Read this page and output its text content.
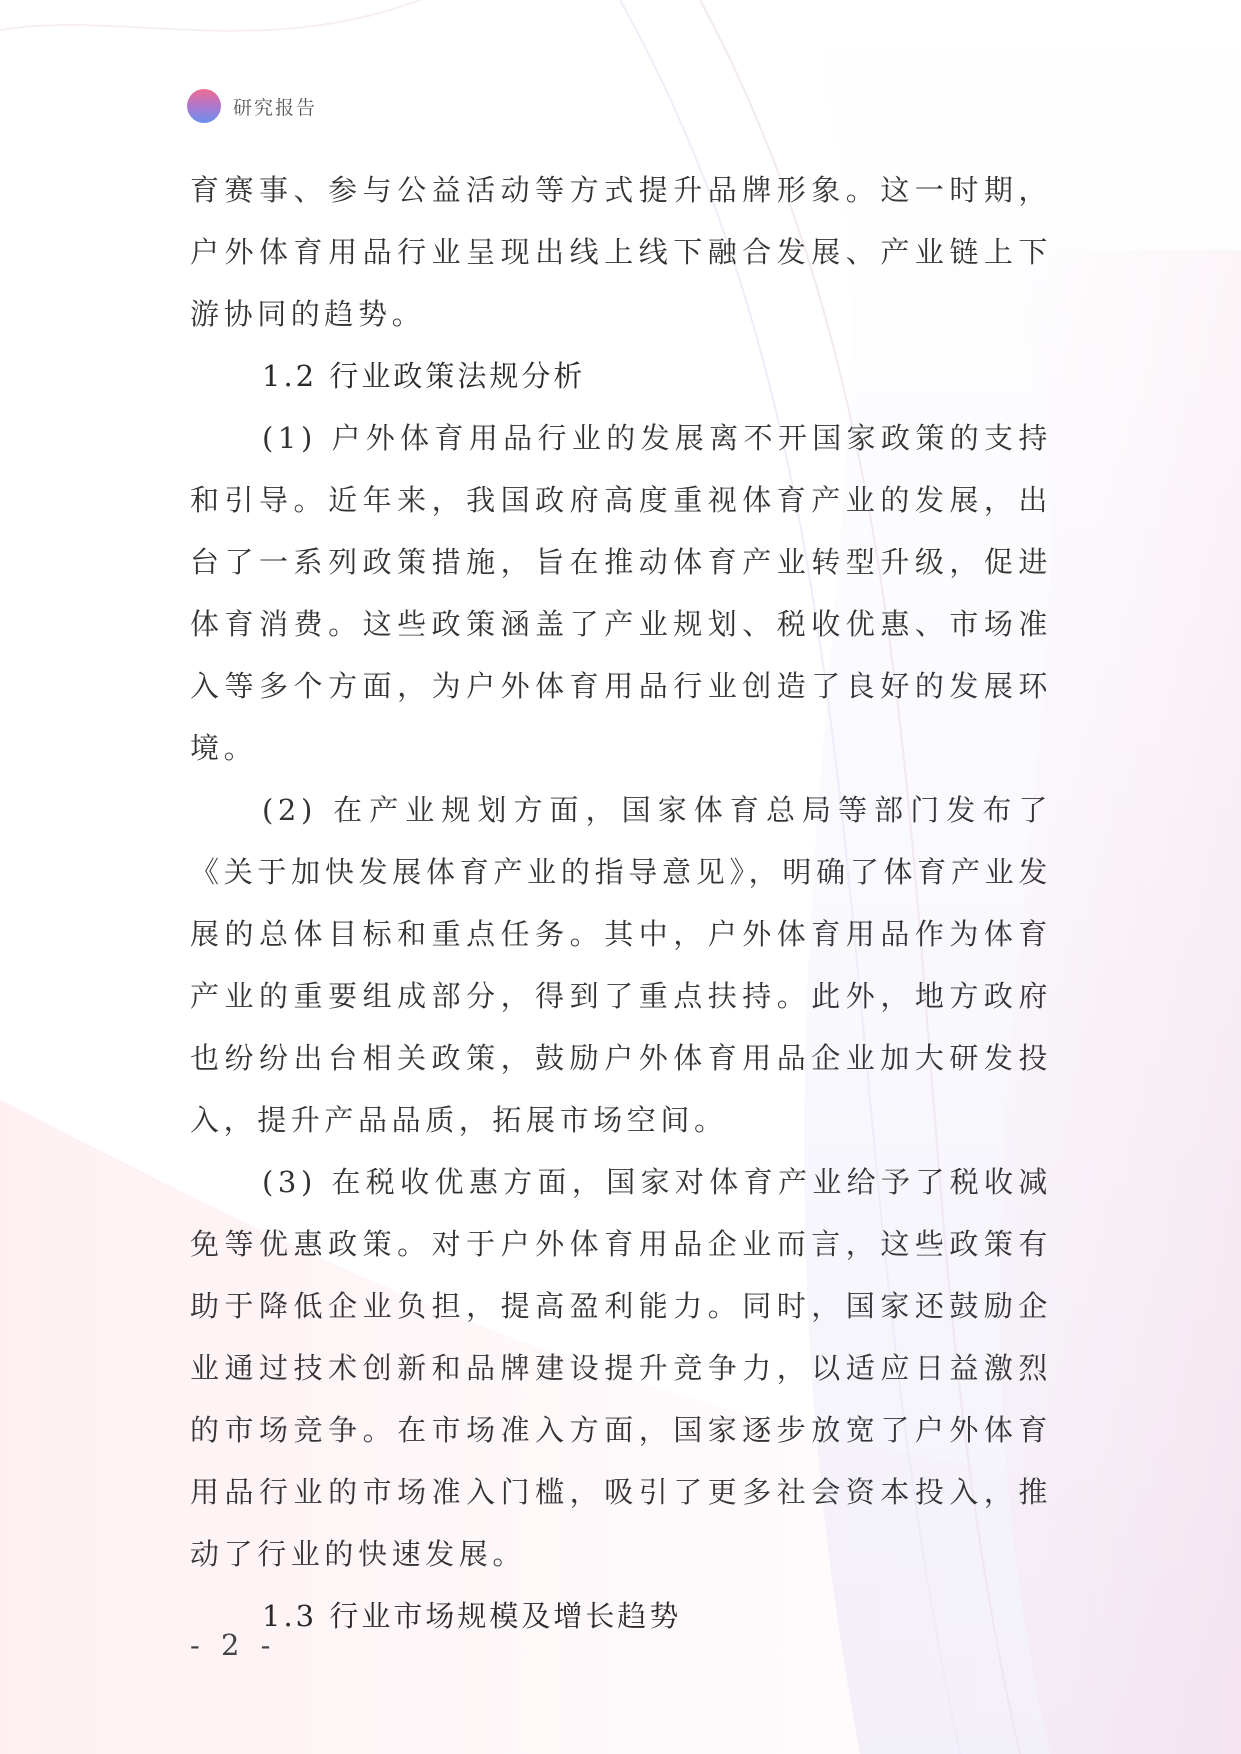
研究报告

育赛事、参与公益活动等方式提升品牌形象。这一时期，户外体育用品行业呈现出线上线下融合发展、产业链上下游协同的趋势。

1.2 行业政策法规分析

(1) 户外体育用品行业的发展离不开国家政策的支持和引导。近年来，我国政府高度重视体育产业的发展，出台了一系列政策措施，旨在推动体育产业转型升级，促进体育消费。这些政策涵盖了产业规划、税收优惠、市场准入等多个方面，为户外体育用品行业创造了良好的发展环境。

(2) 在产业规划方面，国家体育总局等部门发布了《关于加快发展体育产业的指导意见》，明确了体育产业发展的总体目标和重点任务。其中，户外体育用品作为体育产业的重要组成部分，得到了重点扶持。此外，地方政府也纷纷出台相关政策，鼓励户外体育用品企业加大研发投入，提升产品品质，拓展市场空间。

(3) 在税收优惠方面，国家对体育产业给予了税收减免等优惠政策。对于户外体育用品企业而言，这些政策有助于降低企业负担，提高盈利能力。同时，国家还鼓励企业通过技术创新和品牌建设提升竞争力，以适应日益激烈的市场竞争。在市场准入方面，国家逐步放宽了户外体育用品行业的市场准入门槛，吸引了更多社会资本投入，推动了行业的快速发展。

1.3 行业市场规模及增长趋势

- 2 -
